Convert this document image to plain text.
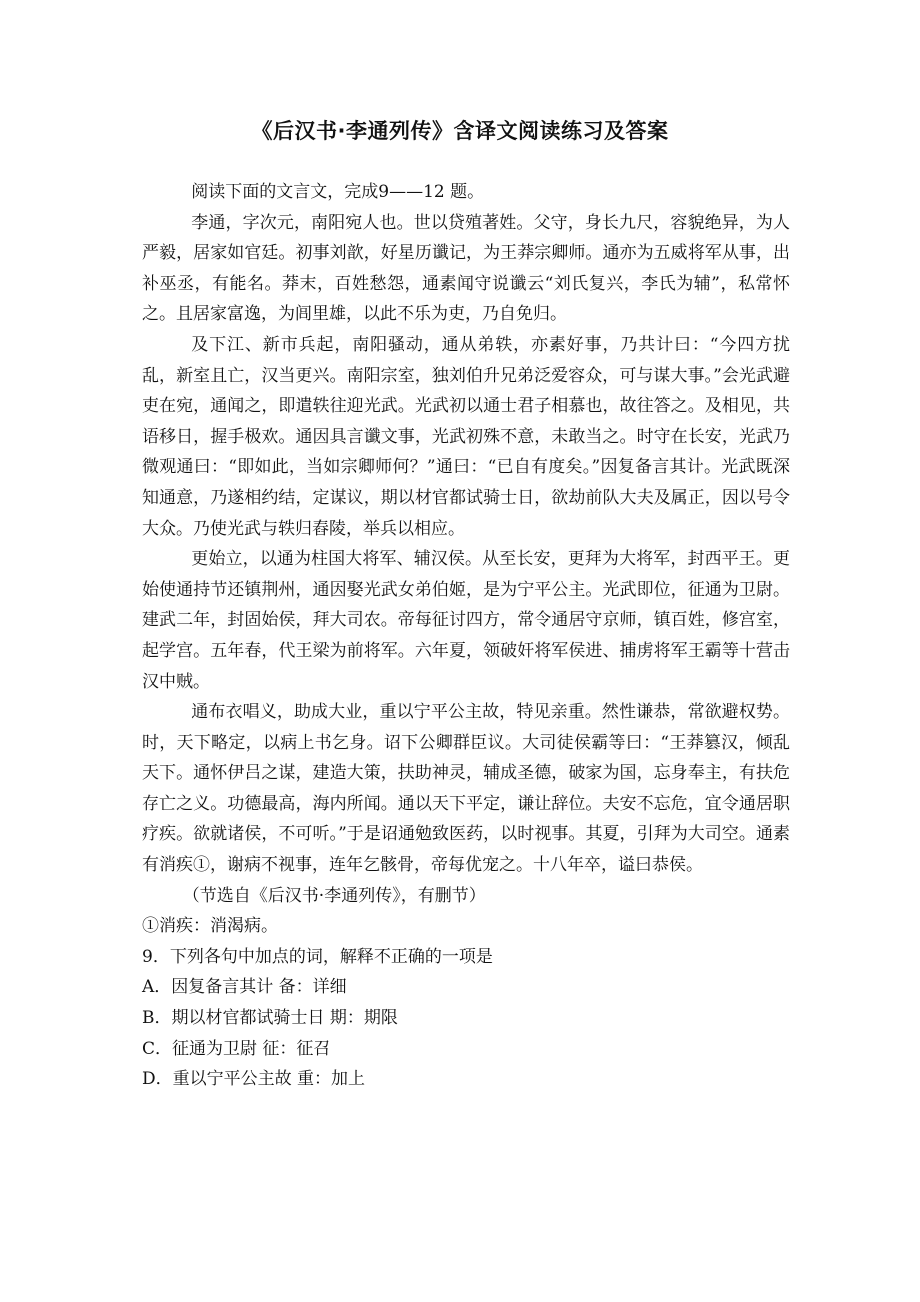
《后汉书·李通列传》含译文阅读练习及答案

阅读下面的文言文，完成9——12 题。

李通，字次元，南阳宛人也。世以贷殖著姓。父守，身长九尺，容貌绝异，为人严毅，居家如官廷。初事刘歆，好星历谶记，为王莽宗卿师。通亦为五威将军从事，出补巫丞，有能名。莽末，百姓愁怨，通素闻守说谶云“刘氏复兴，李氏为辅”，私常怀之。且居家富逸，为闾里雄，以此不乐为吏，乃自免归。

及下江、新市兵起，南阳骚动，通从弟轶，亦素好事，乃共计曰：“今四方扰乱，新室且亡，汉当更兴。南阳宗室，独刘伯升兄弟泛爱容众，可与谋大事。”会光武避吏在宛，通闻之，即遣轶往迎光武。光武初以通士君子相慕也，故往答之。及相见，共语移日，握手极欢。通因具言谶文事，光武初殊不意，未敢当之。时守在长安，光武乃微观通曰：“即如此，当如宗卿师何？”通曰：“已自有度矣。”因复备言其计。光武既深知通意，乃遂相约结，定谋议，期以材官都试骑士日，欲劫前队大夫及属正，因以号令大众。乃使光武与轶归舂陵，举兵以相应。

更始立，以通为柱国大将军、辅汉侯。从至长安，更拜为大将军，封西平王。更始使通持节还镇荆州，通因娶光武女弟伯姬，是为宁平公主。光武即位，征通为卫尉。建武二年，封固始侯，拜大司农。帝每征讨四方，常令通居守京师，镇百姓，修宫室，起学宫。五年春，代王梁为前将军。六年夏，领破奸将军侯进、捕虏将军王霸等十营击汉中贼。

通布衣唱义，助成大业，重以宁平公主故，特见亲重。然性谦恭，常欲避权势。时，天下略定，以病上书乞身。诏下公卿群臣议。大司徒侯霸等曰：“王莽篡汉，倾乱天下。通怀伊吕之谋，建造大策，扶助神灵，辅成圣德，破家为国，忘身奉主，有扶危存亡之义。功德最高，海内所闻。通以天下平定，谦让辞位。夫安不忘危，宜令通居职疗疾。欲就诸侯，不可听。”于是诏通勉致医药，以时视事。其夏，引拜为大司空。通素有消疾①，谢病不视事，连年乞骸骨，帝每优宠之。十八年卒，谥曰恭侯。

（节选自《后汉书·李通列传》，有删节）

①消疾：消渴病。

9．下列各句中加点的词，解释不正确的一项是

A．因复备言其计 备：详细

B．期以材官都试骑士日 期：期限

C．征通为卫尉 征：征召

D．重以宁平公主故 重：加上
